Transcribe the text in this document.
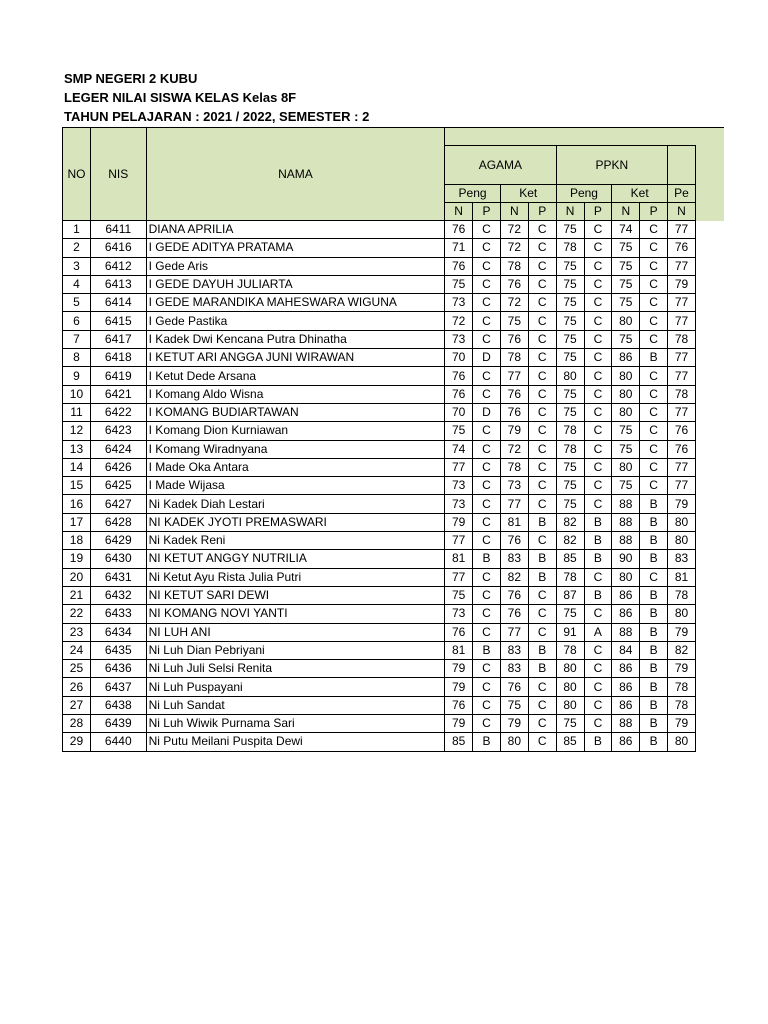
SMP NEGERI 2 KUBU
LEGER NILAI SISWA KELAS Kelas 8F
TAHUN PELAJARAN : 2021 / 2022, SEMESTER : 2
NO	NIS	NAMA									
			AGAMA				PPKN				
			Peng		Ket		Peng		Ket		Pe
			N	P	N	P	N	P	N	P	N
1	6411	DIANA APRILIA	76	C	72	C	75	C	74	C	77
2	6416	I GEDE ADITYA PRATAMA	71	C	72	C	78	C	75	C	76
3	6412	I Gede Aris	76	C	78	C	75	C	75	C	77
4	6413	I GEDE DAYUH JULIARTA	75	C	76	C	75	C	75	C	79
5	6414	I GEDE MARANDIKA MAHESWARA WIGUNA	73	C	72	C	75	C	75	C	77
6	6415	I Gede Pastika	72	C	75	C	75	C	80	C	77
7	6417	I Kadek Dwi Kencana Putra Dhinatha	73	C	76	C	75	C	75	C	78
8	6418	I KETUT ARI ANGGA JUNI WIRAWAN	70	D	78	C	75	C	86	B	77
9	6419	I Ketut Dede Arsana	76	C	77	C	80	C	80	C	77
10	6421	I Komang Aldo Wisna	76	C	76	C	75	C	80	C	78
11	6422	I KOMANG BUDIARTAWAN	70	D	76	C	75	C	80	C	77
12	6423	I Komang Dion Kurniawan	75	C	79	C	78	C	75	C	76
13	6424	I Komang Wiradnyana	74	C	72	C	78	C	75	C	76
14	6426	I Made Oka Antara	77	C	78	C	75	C	80	C	77
15	6425	I Made Wijasa	73	C	73	C	75	C	75	C	77
16	6427	Ni Kadek Diah Lestari	73	C	77	C	75	C	88	B	79
17	6428	NI KADEK JYOTI PREMASWARI	79	C	81	B	82	B	88	B	80
18	6429	Ni Kadek Reni	77	C	76	C	82	B	88	B	80
19	6430	NI KETUT ANGGY NUTRILIA	81	B	83	B	85	B	90	B	83
20	6431	Ni Ketut Ayu Rista Julia Putri	77	C	82	B	78	C	80	C	81
21	6432	NI KETUT SARI DEWI	75	C	76	C	87	B	86	B	78
22	6433	NI KOMANG NOVI YANTI	73	C	76	C	75	C	86	B	80
23	6434	NI LUH ANI	76	C	77	C	91	A	88	B	79
24	6435	Ni Luh Dian Pebriyani	81	B	83	B	78	C	84	B	82
25	6436	Ni Luh Juli Selsi Renita	79	C	83	B	80	C	86	B	79
26	6437	Ni Luh Puspayani	79	C	76	C	80	C	86	B	78
27	6438	Ni Luh Sandat	76	C	75	C	80	C	86	B	78
28	6439	Ni Luh Wiwik Purnama Sari	79	C	79	C	75	C	88	B	79
29	6440	Ni Putu Meilani Puspita Dewi	85	B	80	C	85	B	86	B	80
